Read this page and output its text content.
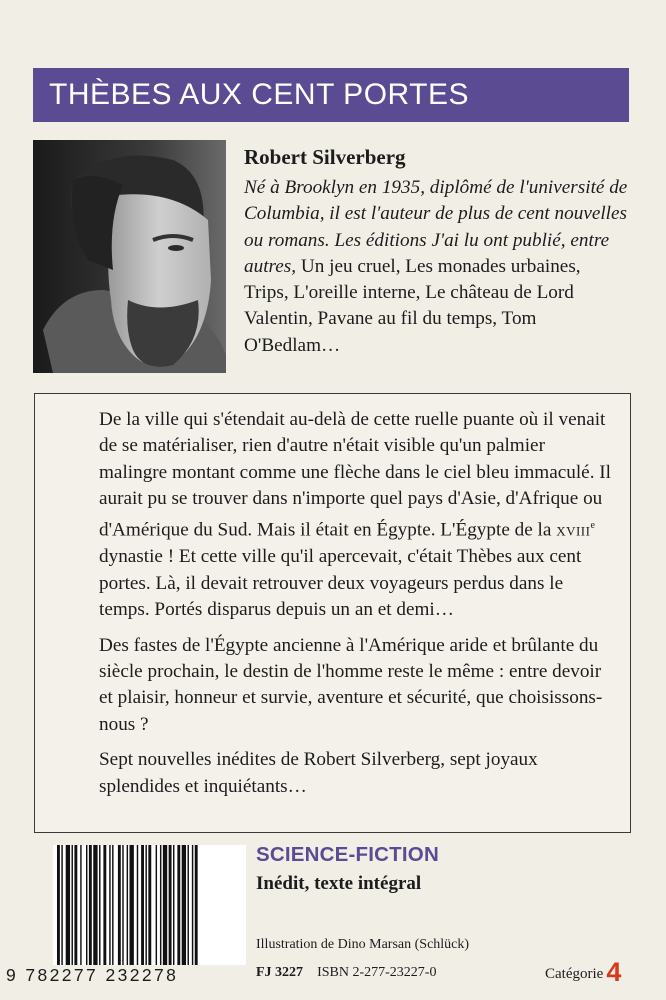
THÈBES AUX CENT PORTES
Robert Silverberg
Né à Brooklyn en 1935, diplômé de l'université de Columbia, il est l'auteur de plus de cent nouvelles ou romans. Les éditions J'ai lu ont publié, entre autres, Un jeu cruel, Les monades urbaines, Trips, L'oreille interne, Le château de Lord Valentin, Pavane au fil du temps, Tom O'Bedlam…

De la ville qui s'étendait au-delà de cette ruelle puante où il venait de se matérialiser, rien d'autre n'était visible qu'un palmier malingre montant comme une flèche dans le ciel bleu immaculé. Il aurait pu se trouver dans n'importe quel pays d'Asie, d'Afrique ou d'Amérique du Sud. Mais il était en Égypte. L'Égypte de la XVIIIe dynastie ! Et cette ville qu'il apercevait, c'était Thèbes aux cent portes. Là, il devait retrouver deux voyageurs perdus dans le temps. Portés disparus depuis un an et demi…

Des fastes de l'Égypte ancienne à l'Amérique aride et brûlante du siècle prochain, le destin de l'homme reste le même : entre devoir et plaisir, honneur et survie, aventure et sécurité, que choisissons-nous ?

Sept nouvelles inédites de Robert Silverberg, sept joyaux splendides et inquiétants…

9 782277 232278
SCIENCE-FICTION
Inédit, texte intégral
Illustration de Dino Marsan (Schlück)
FJ 3227 ISBN 2-277-23227-0	Catégorie 4
